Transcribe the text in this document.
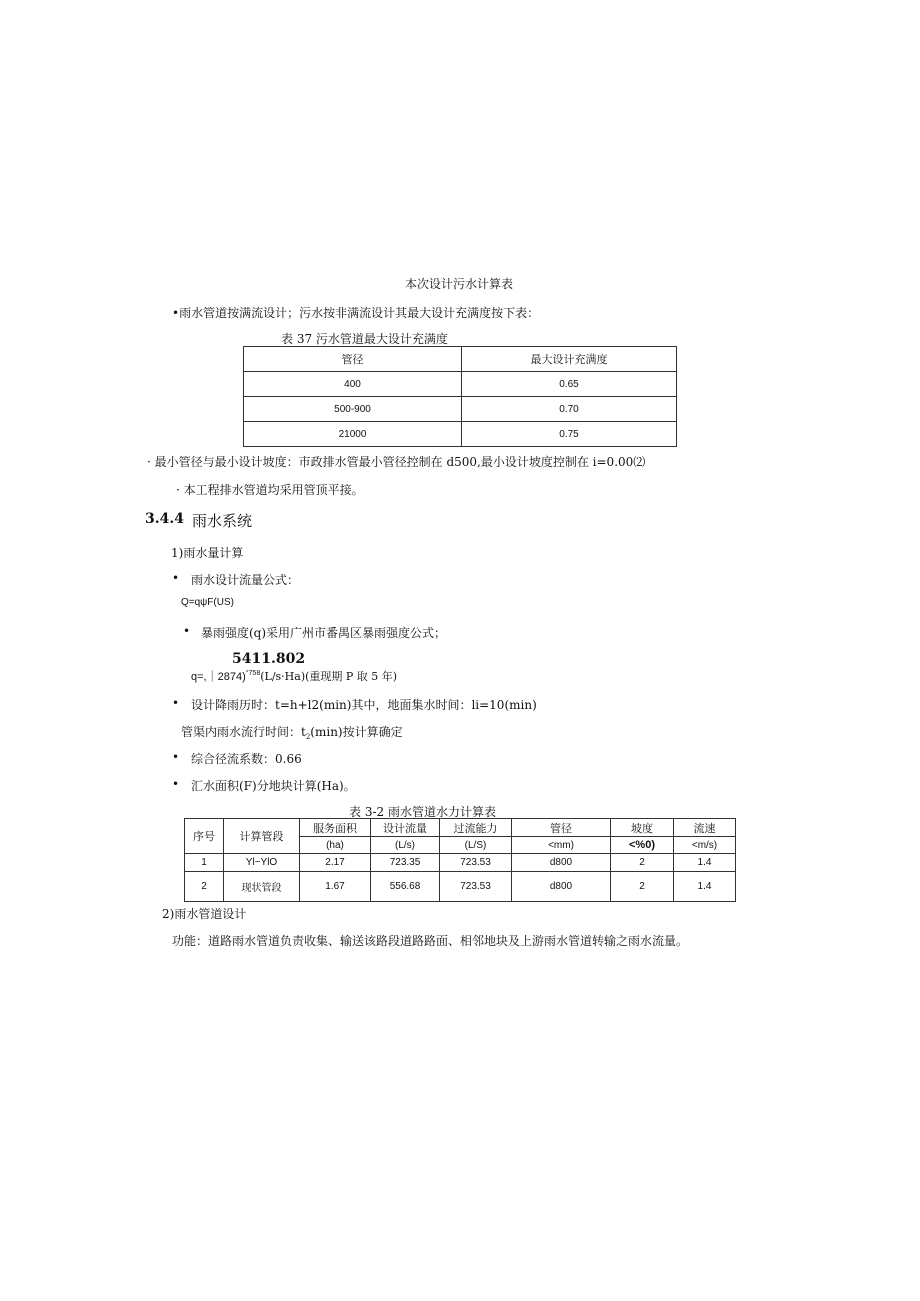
本次设计污水计算表
•雨水管道按满流设计；污水按非满流设计其最大设计充满度按下表：
表 37 污水管道最大设计充满度
管径	最大设计充满度
400	0.65
500-900	0.70
21000	0.75
· 最小管径与最小设计坡度：市政排水管最小管径控制在 d500,最小设计坡度控制在 i=0.00⑵
· 本工程排水管道均采用管顶平接。
3.4.4 雨水系统
1)雨水量计算
• 雨水设计流量公式：
Q=qψF(US)
• 暴雨强度(q)采用广州市番禺区暴雨强度公式；
5411.802
q=,｜2874)$^{^\circ 758}$(L/s·Ha)(重现期 P 取 5 年)
• 设计降雨历时：t=h+l2(min)其中，地面集水时间：li=10(min)
管渠内雨水流行时间：$t_2(\min)$按计算确定
• 综合径流系数：0.66
• 汇水面积(F)分地块计算(Ha)。
表 3-2 雨水管道水力计算表
序号	计算管段	服务面积	设计流量	过流能力	管径	坡度	流速
		(ha)	(L/s)	(L/S)	<mm)	<%0)	<m/s)
1	Yl~YlO	2.17	723.35	723.53	d800	2	1.4
2	现状管段	1.67	556.68	723.53	d800	2	1.4
2)雨水管道设计
功能：道路雨水管道负责收集、输送该路段道路路面、相邻地块及上游雨水管道转输之雨水流量。
